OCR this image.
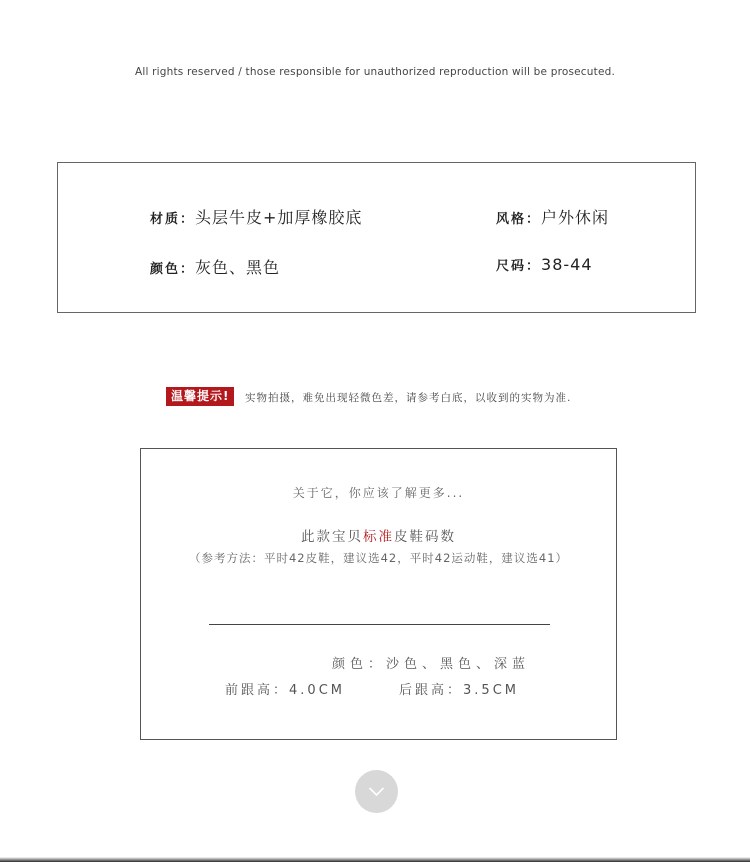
All rights reserved / those responsible for unauthorized reproduction will be prosecuted.
材质：头层牛皮+加厚橡胶底	风格：户外休闲
颜色：灰色、黑色	尺码：38-44
温馨提示!	实物拍摄，难免出现轻微色差，请参考白底，以收到的实物为准.
关于它，你应该了解更多...
此款宝贝标准皮鞋码数
（参考方法：平时42皮鞋，建议选42，平时42运动鞋，建议选41）
颜色：沙色、黑色、深蓝
前跟高：4.0CM	后跟高：3.5CM
